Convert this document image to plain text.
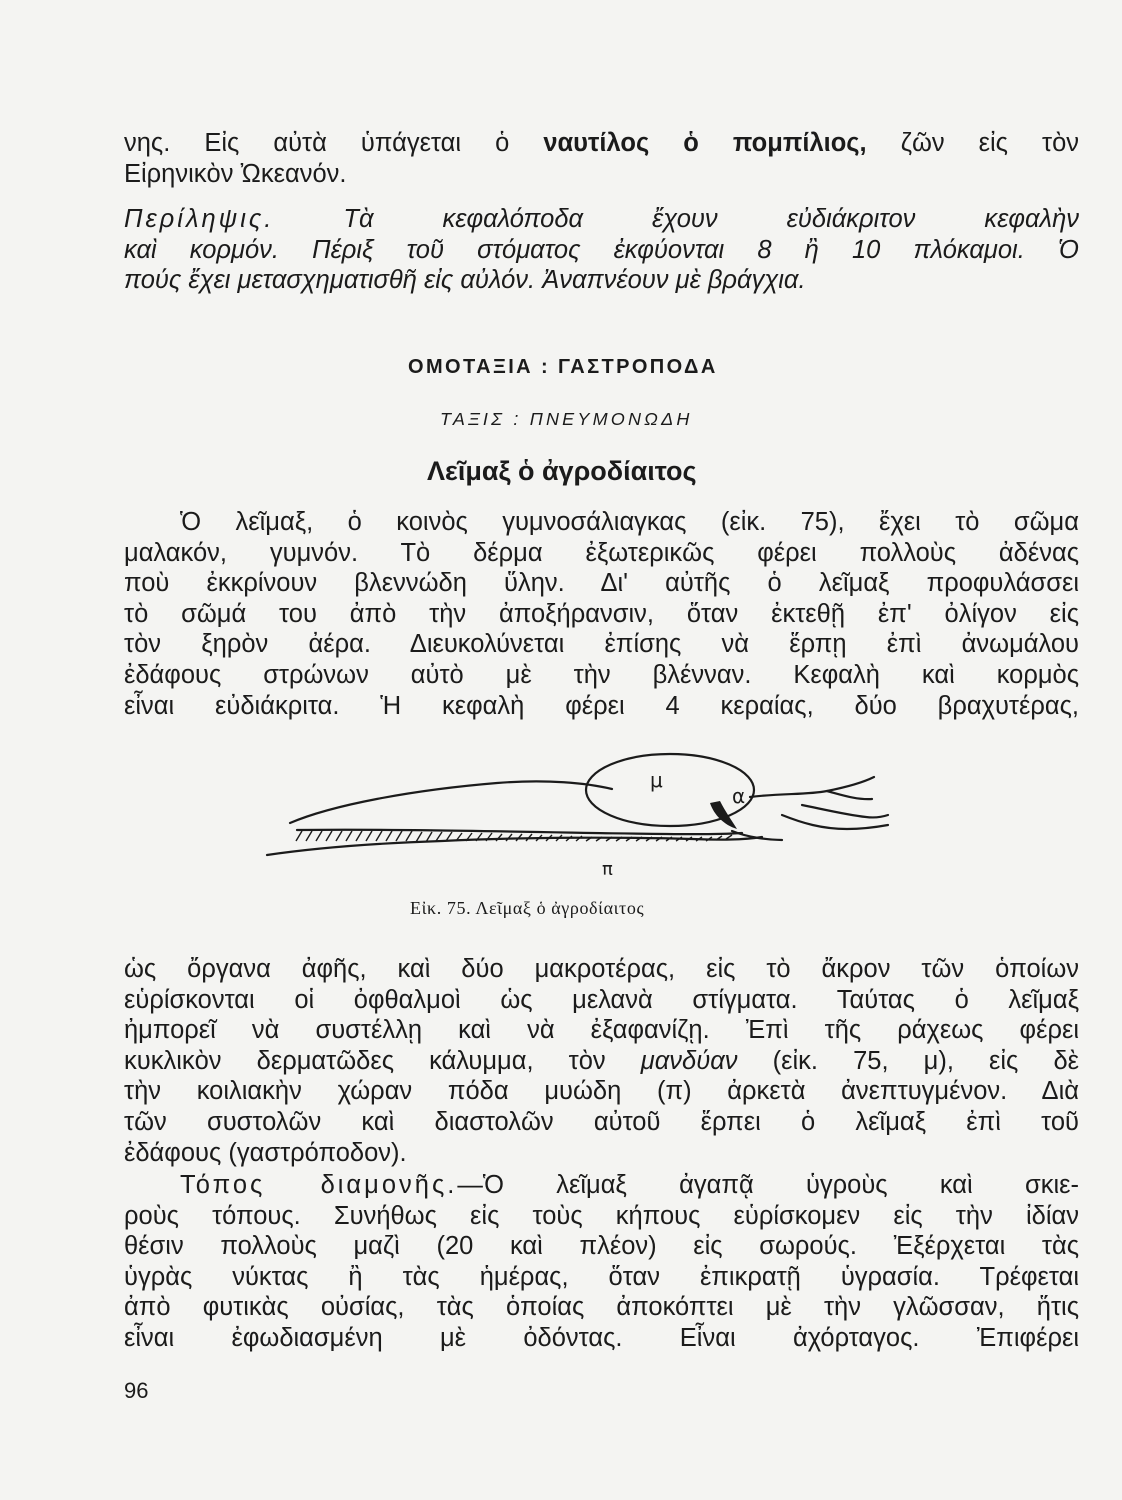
νης. Εἰς αὐτὰ ὑπάγεται ὁ ναυτίλος ὁ πομπίλιος, ζῶν εἰς τὸν
Εἰρηνικὸν Ὠκεανόν.

Περίληψις. Τὰ κεφαλόποδα ἔχουν εὐδιάκριτον κεφαλὴν
καὶ κορμόν. Πέριξ τοῦ στόματος ἐκφύονται 8 ἢ 10 πλόκαμοι. Ὁ
πούς ἔχει μετασχηματισθῆ εἰς αὐλόν. Ἀναπνέουν μὲ βράγχια.

ΟΜΟΤΑΞΙΑ : ΓΑΣΤΡΟΠΟΔΑ
ΤΑΞΙΣ : ΠΝΕΥΜΟΝΩΔΗ
Λεῖμαξ ὁ ἀγροδίαιτος

Ὁ λεῖμαξ, ὁ κοινὸς γυμνοσάλιαγκας (εἰκ. 75), ἔχει τὸ σῶμα
μαλακόν, γυμνόν. Τὸ δέρμα ἐξωτερικῶς φέρει πολλοὺς ἀδένας
ποὺ ἐκκρίνουν βλεννώδη ὕλην. Δι' αὐτῆς ὁ λεῖμαξ προφυλάσσει
τὸ σῶμά του ἀπὸ τὴν ἀποξήρανσιν, ὅταν ἐκτεθῇ ἐπ' ὀλίγον εἰς
τὸν ξηρὸν ἀέρα. Διευκολύνεται ἐπίσης νὰ ἕρπῃ ἐπὶ ἀνωμάλου
ἐδάφους στρώνων αὐτὸ μὲ τὴν βλένναν. Κεφαλὴ καὶ κορμὸς
εἶναι εὐδιάκριτα. Ἡ κεφαλὴ φέρει 4 κεραίας, δύο βραχυτέρας,

μ
α
π
Εἰκ. 75. Λεῖμαξ ὁ ἀγροδίαιτος

ὡς ὄργανα ἀφῆς, καὶ δύο μακροτέρας, εἰς τὸ ἄκρον τῶν ὁποίων
εὑρίσκονται οἱ ὀφθαλμοὶ ὡς μελανὰ στίγματα. Ταύτας ὁ λεῖμαξ
ἠμπορεῖ νὰ συστέλλῃ καὶ νὰ ἐξαφανίζῃ. Ἐπὶ τῆς ράχεως φέρει
κυκλικὸν δερματῶδες κάλυμμα, τὸν μανδύαν (εἰκ. 75, μ), εἰς δὲ
τὴν κοιλιακὴν χώραν πόδα μυώδη (π) ἀρκετὰ ἀνεπτυγμένον. Διὰ
τῶν συστολῶν καὶ διαστολῶν αὐτοῦ ἕρπει ὁ λεῖμαξ ἐπὶ τοῦ
ἐδάφους (γαστρόποδον).

Τόπος διαμονῆς.—Ὁ λεῖμαξ ἀγαπᾷ ὑγροὺς καὶ σκιε-
ροὺς τόπους. Συνήθως εἰς τοὺς κήπους εὑρίσκομεν εἰς τὴν ἰδίαν
θέσιν πολλοὺς μαζὶ (20 καὶ πλέον) εἰς σωρούς. Ἐξέρχεται τὰς
ὑγρὰς νύκτας ἢ τὰς ἡμέρας, ὅταν ἐπικρατῇ ὑγρασία. Τρέφεται
ἀπὸ φυτικὰς οὐσίας, τὰς ὁποίας ἀποκόπτει μὲ τὴν γλῶσσαν, ἥτις
εἶναι ἐφωδιασμένη μὲ ὀδόντας. Εἶναι ἀχόρταγος. Ἐπιφέρει

96
